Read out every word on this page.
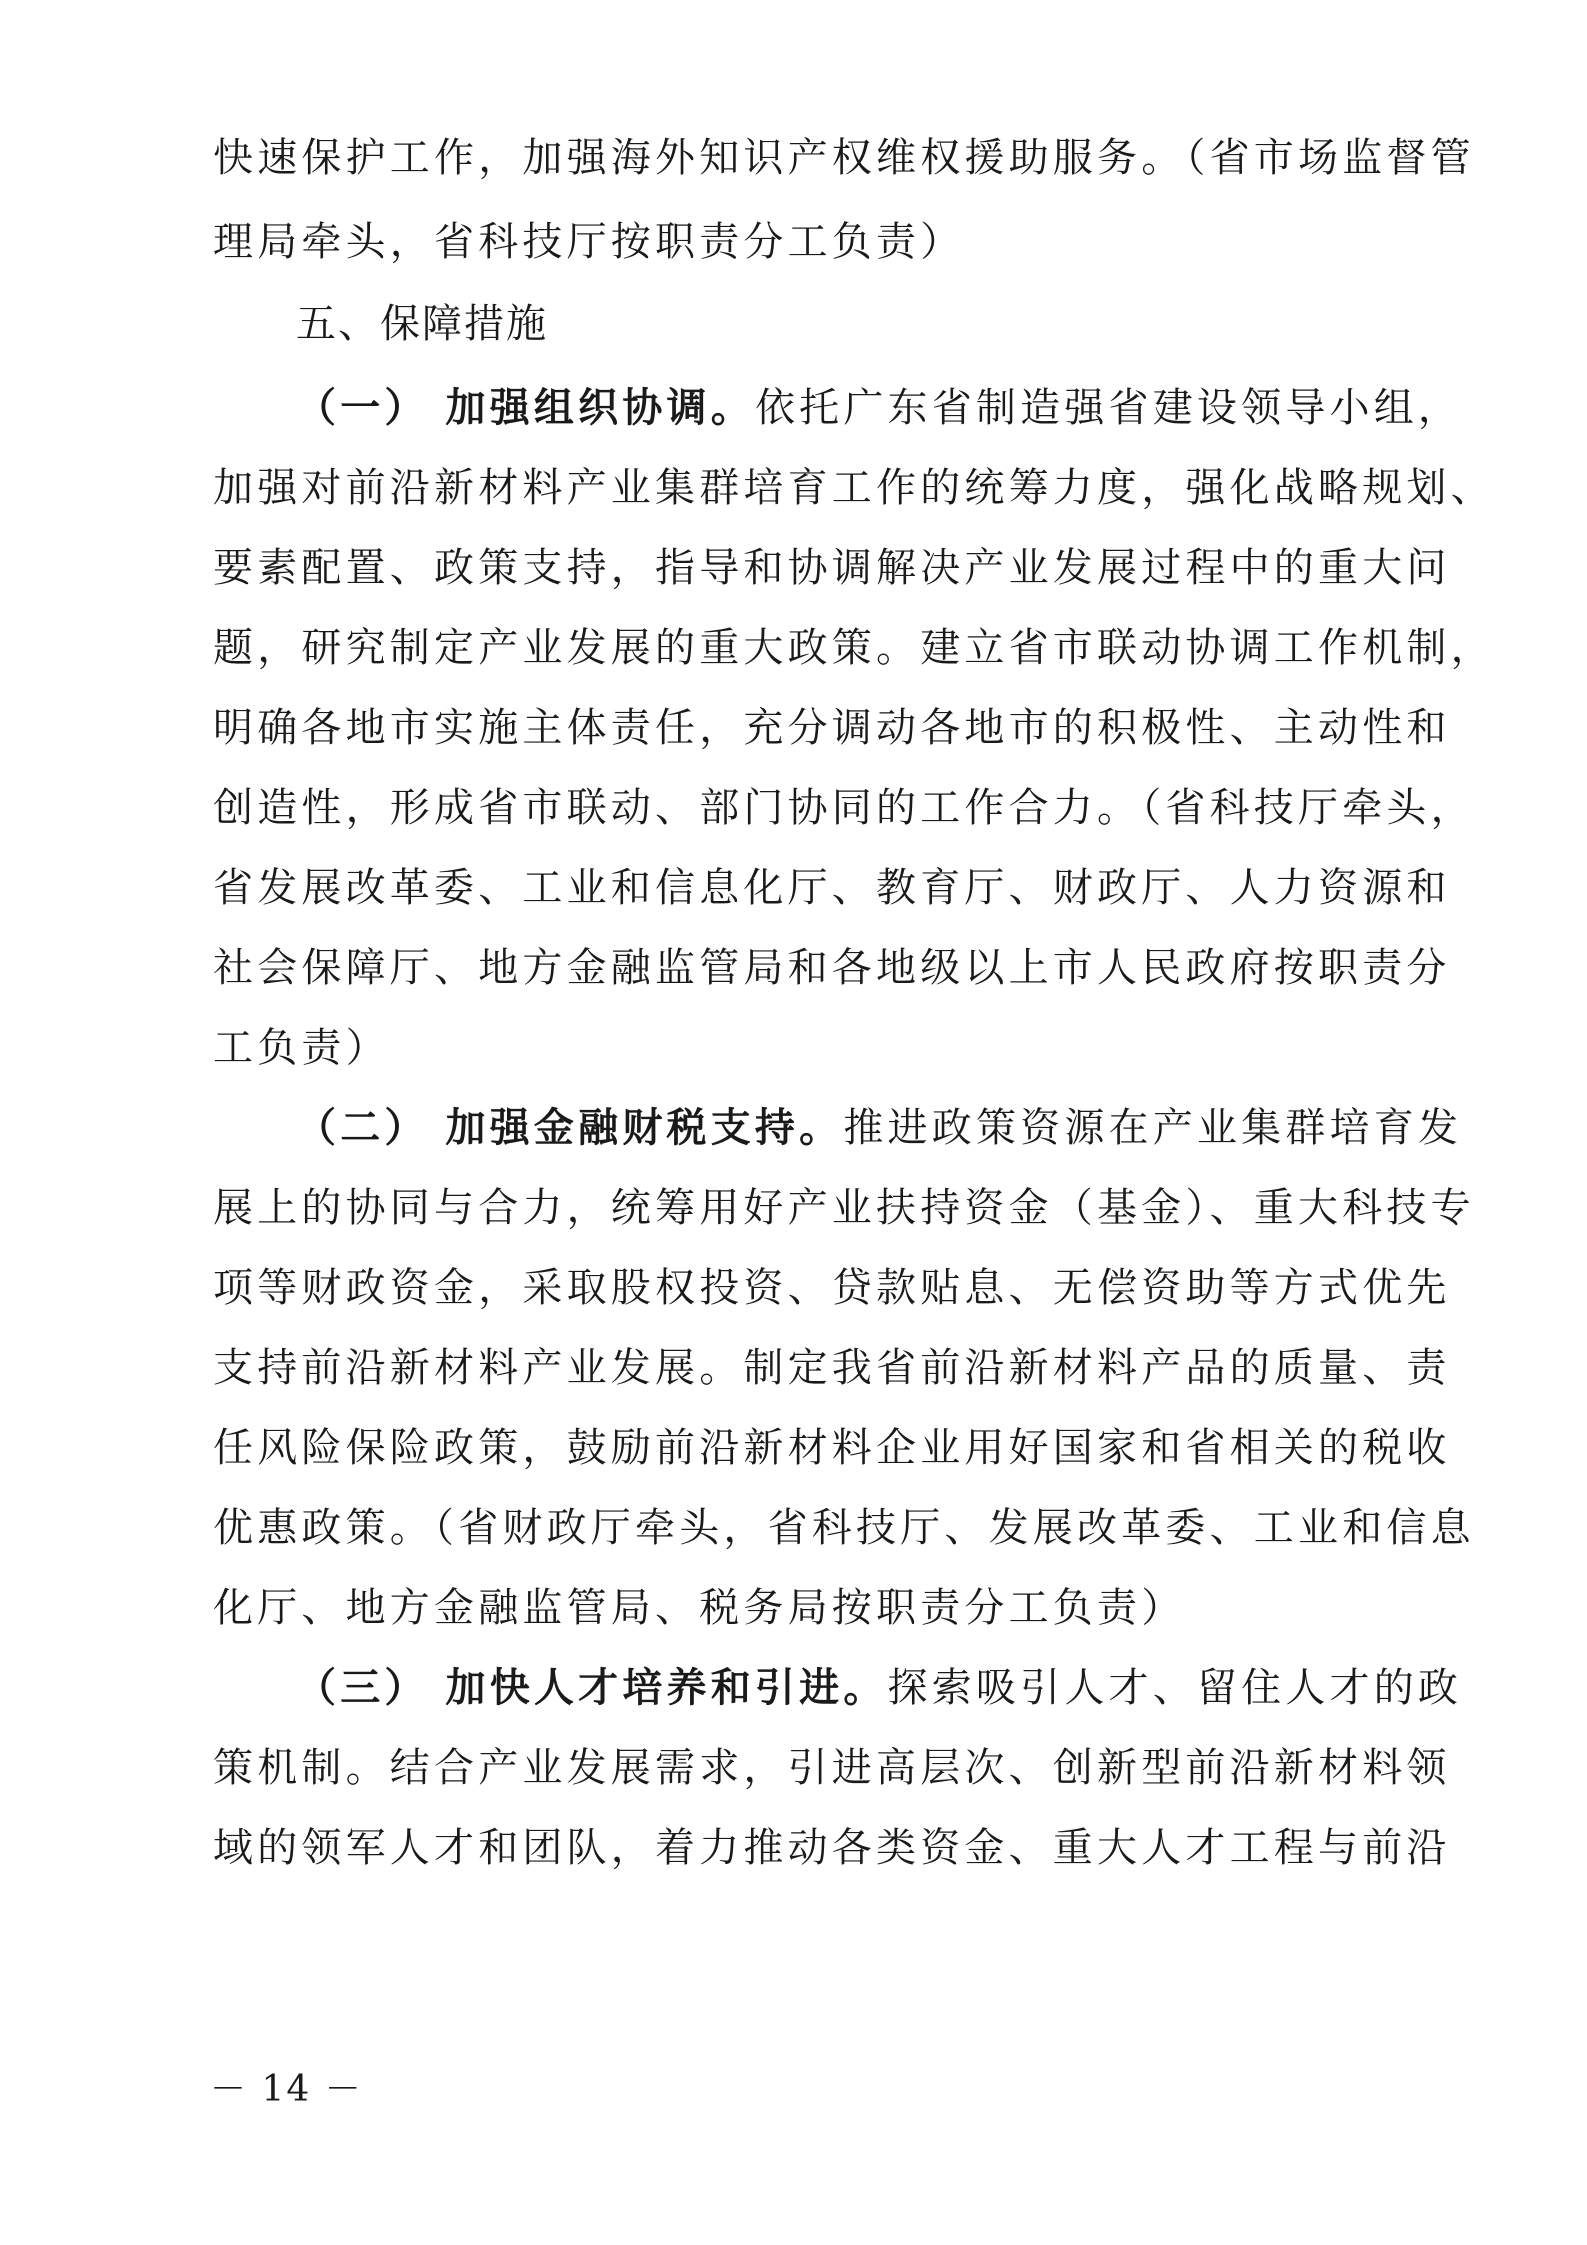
快速保护工作，加强海外知识产权维权援助服务。（省市场监督管
理局牵头，省科技厅按职责分工负责）
五、保障措施
（一） 加强组织协调。依托广东省制造强省建设领导小组，
加强对前沿新材料产业集群培育工作的统筹力度，强化战略规划、
要素配置、政策支持，指导和协调解决产业发展过程中的重大问
题，研究制定产业发展的重大政策。建立省市联动协调工作机制，
明确各地市实施主体责任，充分调动各地市的积极性、主动性和
创造性，形成省市联动、部门协同的工作合力。（省科技厅牵头，
省发展改革委、工业和信息化厅、教育厅、财政厅、人力资源和
社会保障厅、地方金融监管局和各地级以上市人民政府按职责分
工负责）
（二） 加强金融财税支持。推进政策资源在产业集群培育发
展上的协同与合力，统筹用好产业扶持资金（基金）、重大科技专
项等财政资金，采取股权投资、贷款贴息、无偿资助等方式优先
支持前沿新材料产业发展。制定我省前沿新材料产品的质量、责
任风险保险政策，鼓励前沿新材料企业用好国家和省相关的税收
优惠政策。（省财政厅牵头，省科技厅、发展改革委、工业和信息
化厅、地方金融监管局、税务局按职责分工负责）
（三） 加快人才培养和引进。探索吸引人才、留住人才的政
策机制。结合产业发展需求，引进高层次、创新型前沿新材料领
域的领军人才和团队，着力推动各类资金、重大人才工程与前沿
－ 14 －
